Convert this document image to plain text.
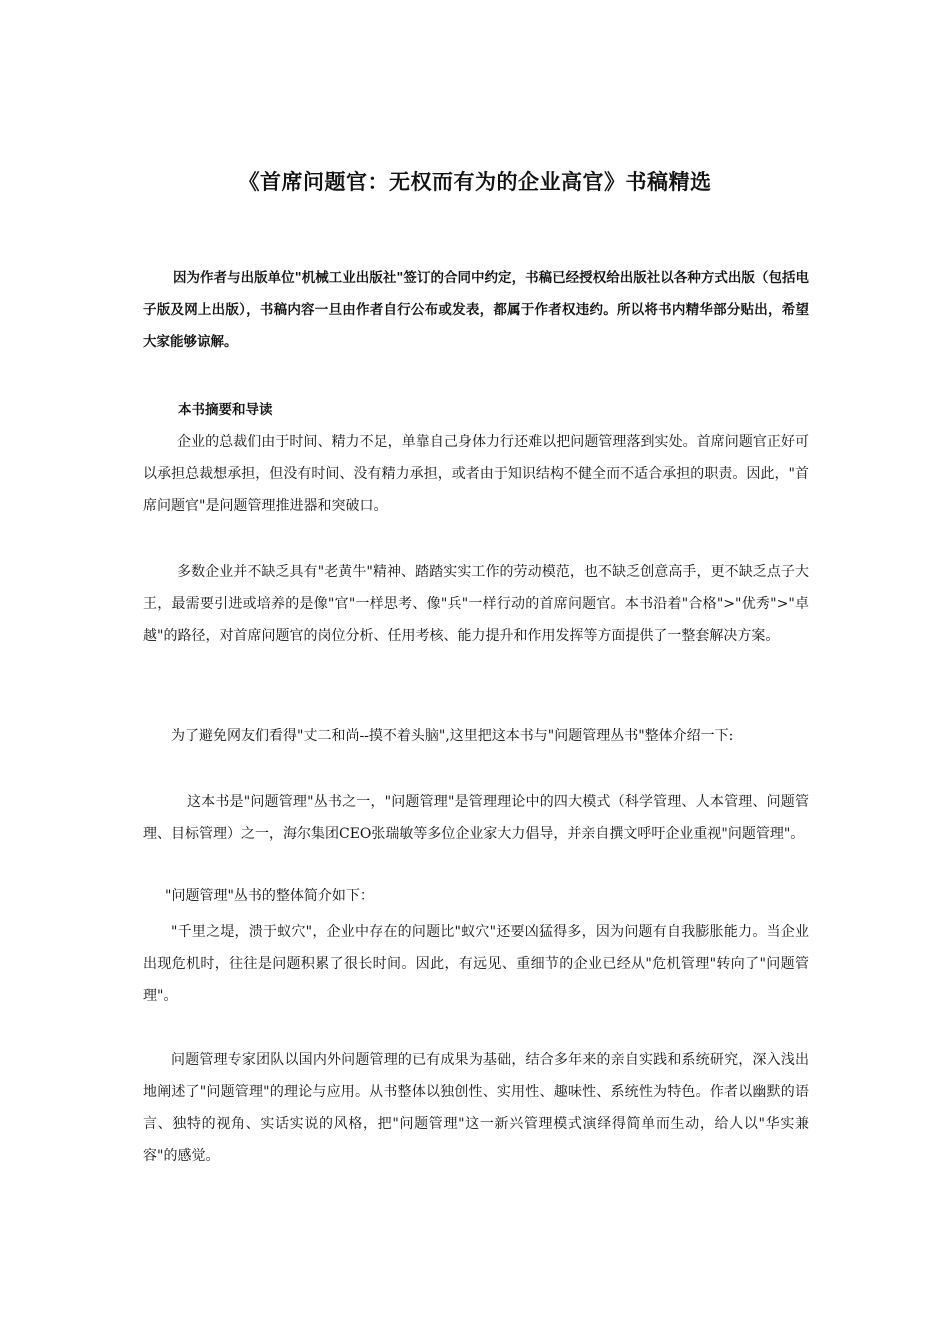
《首席问题官：无权而有为的企业高官》书稿精选
因为作者与出版单位"机械工业出版社"签订的合同中约定，书稿已经授权给出版社以各种方式出版（包括电子版及网上出版），书稿内容一旦由作者自行公布或发表，都属于作者权违约。所以将书内精华部分贴出，希望大家能够谅解。
本书摘要和导读
企业的总裁们由于时间、精力不足，单靠自己身体力行还难以把问题管理落到实处。首席问题官正好可以承担总裁想承担，但没有时间、没有精力承担，或者由于知识结构不健全而不适合承担的职责。因此，"首席问题官"是问题管理推进器和突破口。
多数企业并不缺乏具有"老黄牛"精神、踏踏实实工作的劳动模范，也不缺乏创意高手，更不缺乏点子大王，最需要引进或培养的是像"官"一样思考、像"兵"一样行动的首席问题官。本书沿着"合格">"优秀">"卓越"的路径，对首席问题官的岗位分析、任用考核、能力提升和作用发挥等方面提供了一整套解决方案。
为了避免网友们看得"丈二和尚--摸不着头脑",这里把这本书与"问题管理丛书"整体介绍一下:
这本书是"问题管理"丛书之一，"问题管理"是管理理论中的四大模式（科学管理、人本管理、问题管理、目标管理）之一，海尔集团CEO张瑞敏等多位企业家大力倡导，并亲自撰文呼吁企业重视"问题管理"。
"问题管理"丛书的整体简介如下：
"千里之堤，溃于蚁穴"，企业中存在的问题比"蚁穴"还要凶猛得多，因为问题有自我膨胀能力。当企业出现危机时，往往是问题积累了很长时间。因此，有远见、重细节的企业已经从"危机管理"转向了"问题管理"。
问题管理专家团队以国内外问题管理的已有成果为基础，结合多年来的亲自实践和系统研究，深入浅出地阐述了"问题管理"的理论与应用。从书整体以独创性、实用性、趣味性、系统性为特色。作者以幽默的语言、独特的视角、实话实说的风格，把"问题管理"这一新兴管理模式演绎得简单而生动，给人以"华实兼容"的感觉。
